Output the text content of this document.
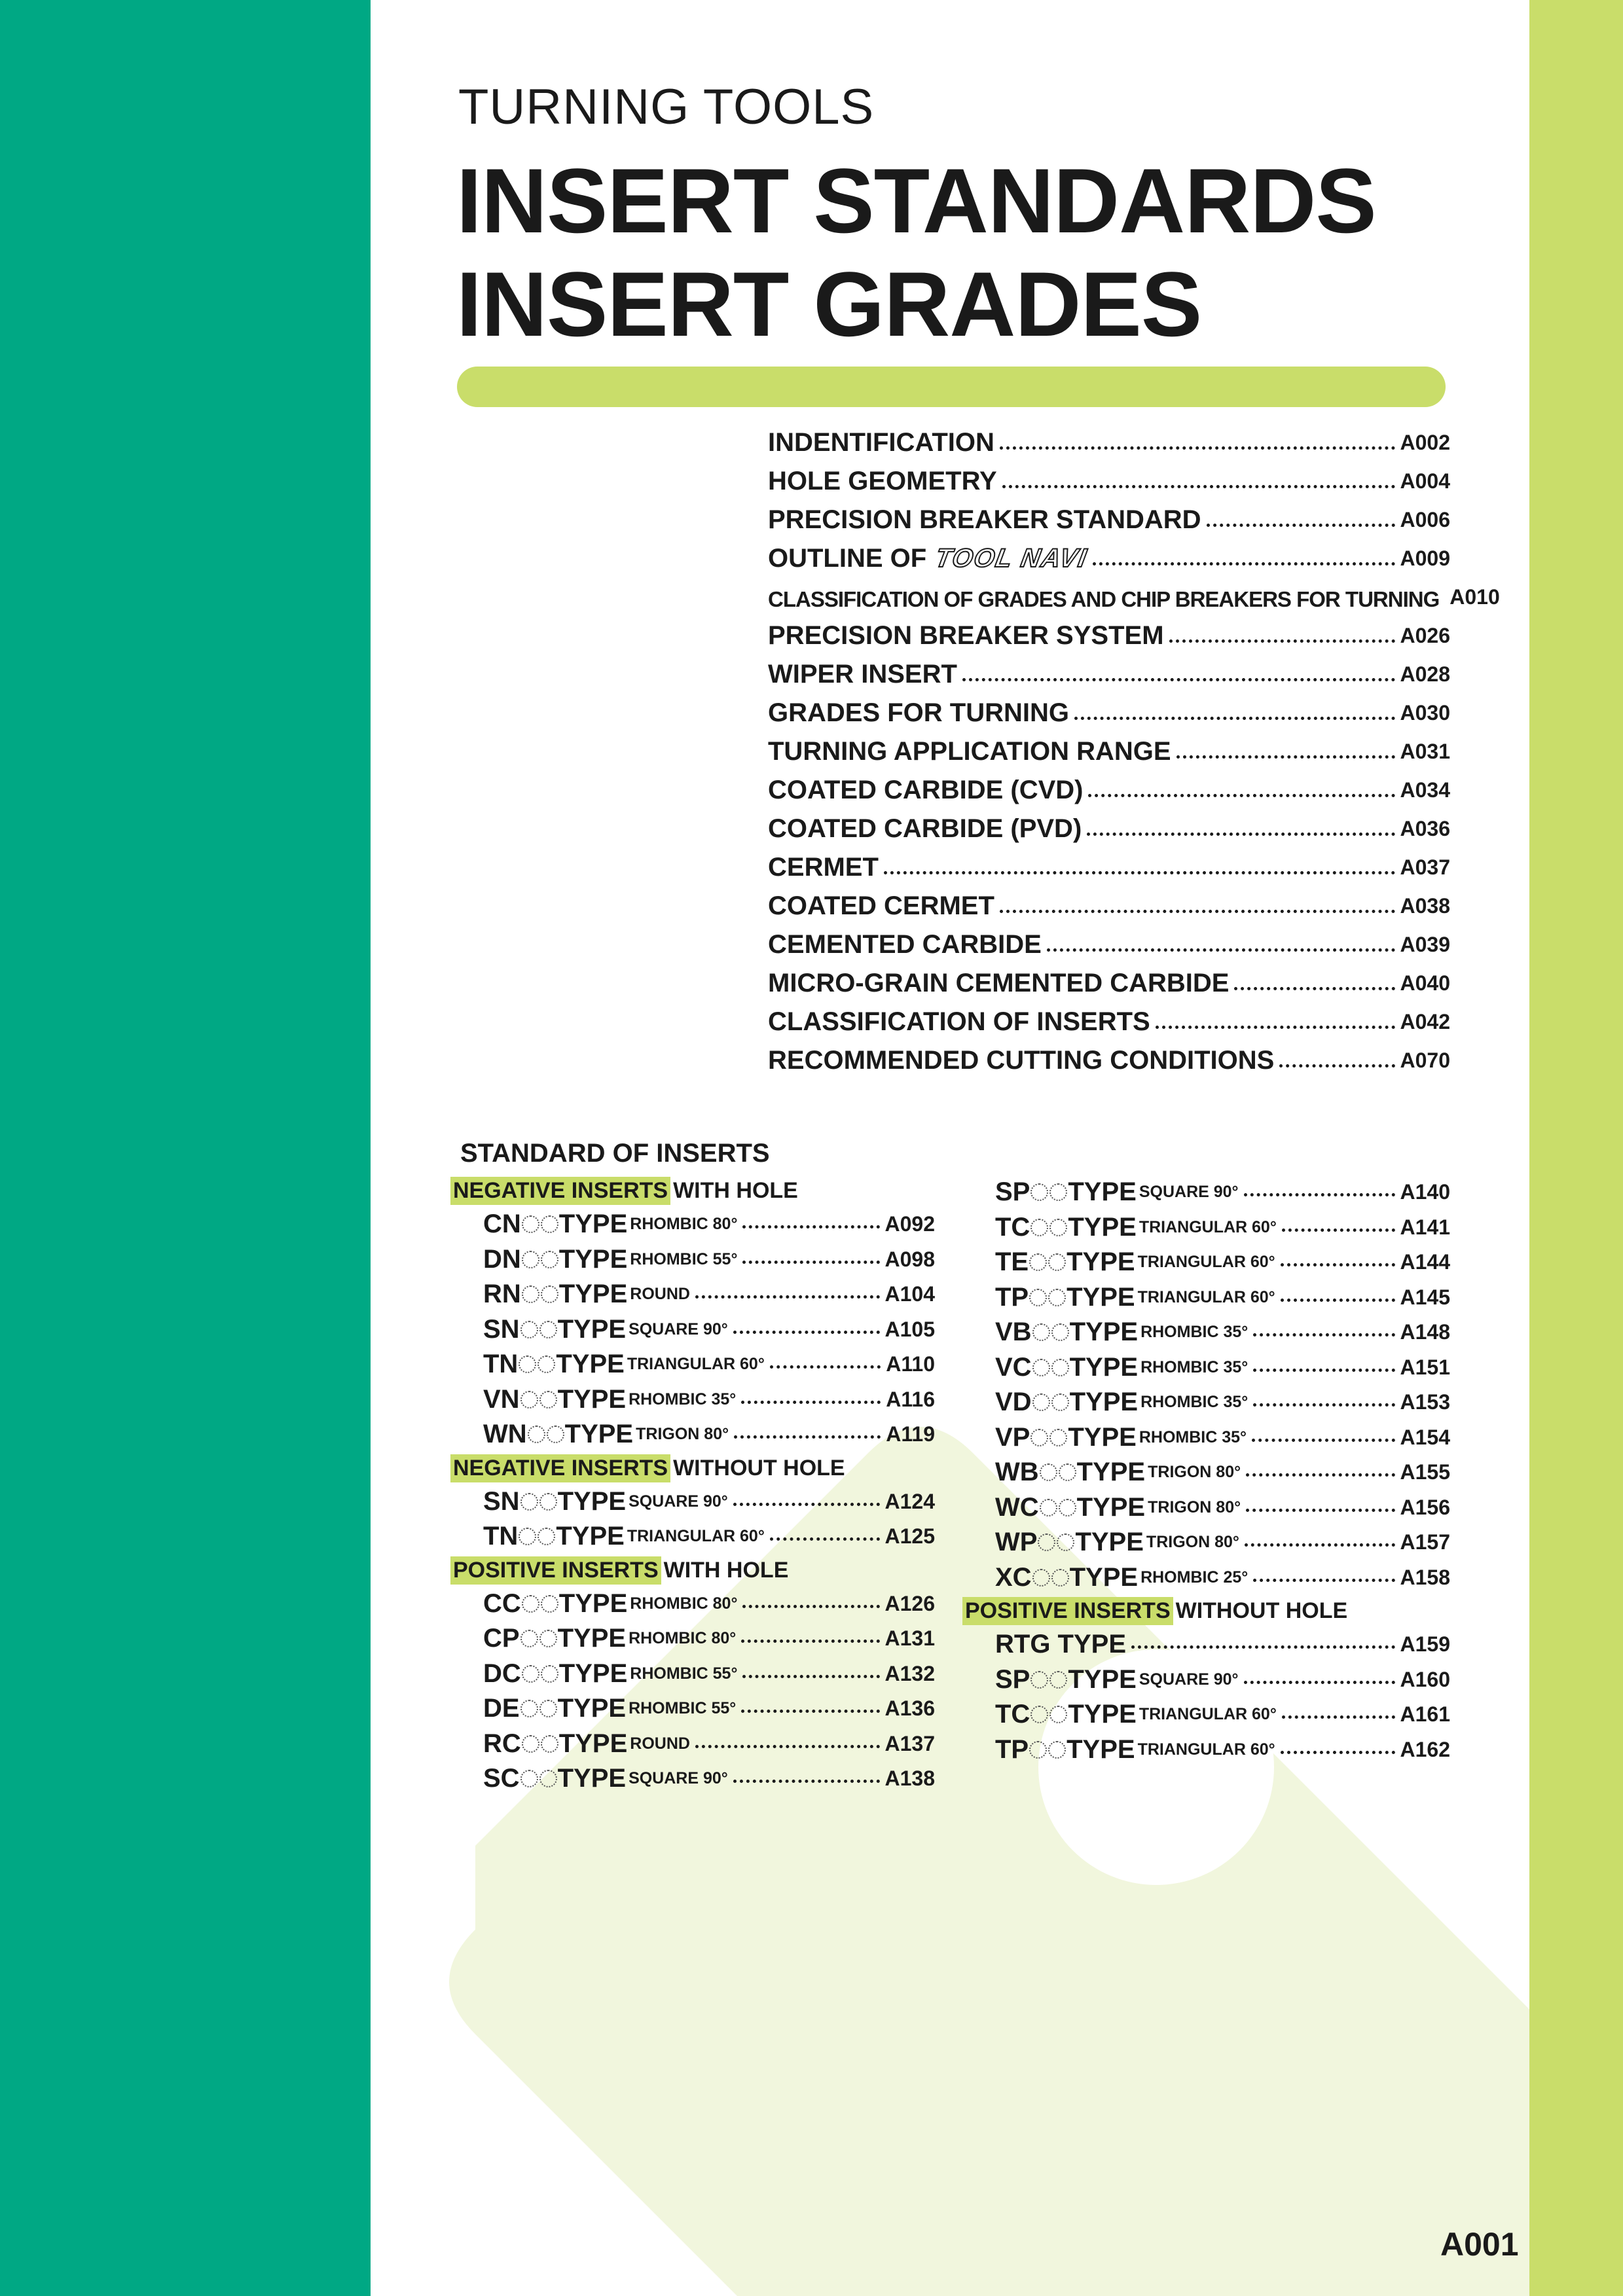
TURNING TOOLS

INSERT STANDARDS
INSERT GRADES
INDENTIFICATION	A002
HOLE GEOMETRY	A004
PRECISION BREAKER STANDARD	A006
OUTLINE OF TOOL NAVI	A009
CLASSIFICATION OF GRADES AND CHIP BREAKERS FOR TURNING A010
PRECISION BREAKER SYSTEM	A026
WIPER INSERT	A028
GRADES FOR TURNING	A030
TURNING APPLICATION RANGE	A031
COATED CARBIDE (CVD)	A034
COATED CARBIDE (PVD)	A036
CERMET	A037
COATED CERMET	A038
CEMENTED CARBIDE	A039
MICRO-GRAIN CEMENTED CARBIDE	A040
CLASSIFICATION OF INSERTS	A042
RECOMMENDED CUTTING CONDITIONS	A070

STANDARD OF INSERTS

NEGATIVE INSERTS WITH HOLE
CN TYPE RHOMBIC 80°	A092
DN TYPE RHOMBIC 55°	A098
RN TYPE ROUND	A104
SN TYPE SQUARE 90°	A105
TN TYPE TRIANGULAR 60°	A110
VN TYPE RHOMBIC 35°	A116
WN TYPE TRIGON 80°	A119
NEGATIVE INSERTS WITHOUT HOLE
SN TYPE SQUARE 90°	A124
TN TYPE TRIANGULAR 60°	A125
POSITIVE INSERTS WITH HOLE
CC TYPE RHOMBIC 80°	A126
CP TYPE RHOMBIC 80°	A131
DC TYPE RHOMBIC 55°	A132
DE TYPE RHOMBIC 55°	A136
RC TYPE ROUND	A137
SC TYPE SQUARE 90°	A138
SP TYPE SQUARE 90°	A140
TC TYPE TRIANGULAR 60°	A141
TE TYPE TRIANGULAR 60°	A144
TP TYPE TRIANGULAR 60°	A145
VB TYPE RHOMBIC 35°	A148
VC TYPE RHOMBIC 35°	A151
VD TYPE RHOMBIC 35°	A153
VP TYPE RHOMBIC 35°	A154
WB TYPE TRIGON 80°	A155
WC TYPE TRIGON 80°	A156
WP TYPE TRIGON 80°	A157
XC TYPE RHOMBIC 25°	A158
POSITIVE INSERTS WITHOUT HOLE
RTG TYPE	A159
SP TYPE SQUARE 90°	A160
TC TYPE TRIANGULAR 60°	A161
TP TYPE TRIANGULAR 60°	A162

A001
